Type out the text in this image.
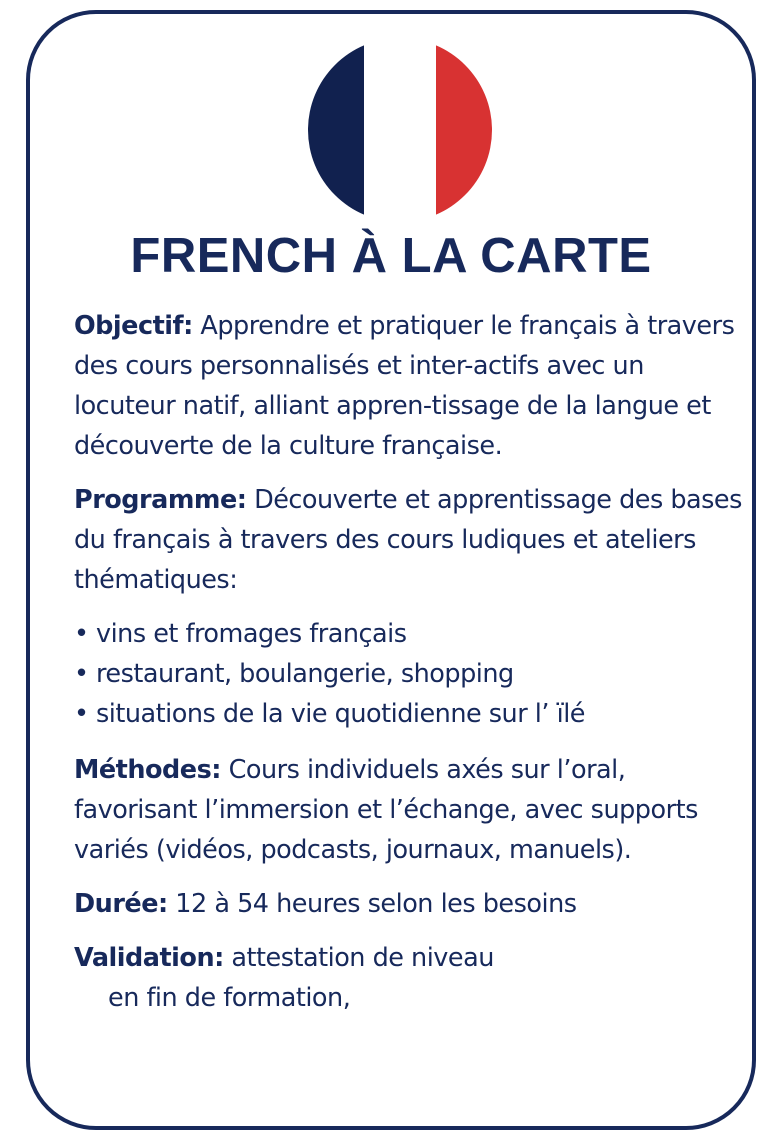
FRENCH À LA CARTE

Objectif: Apprendre et pratiquer le français à travers des cours personnalisés et inter-actifs avec un locuteur natif, alliant appren-tissage de la langue et découverte de la culture française.

Programme: Découverte et apprentissage des bases du français à travers des cours ludiques et ateliers thématiques:

• vins et fromages français
• restaurant, boulangerie, shopping
• situations de la vie quotidienne sur l’ ïlé

Méthodes: Cours individuels axés sur l’oral, favorisant l’immersion et l’échange, avec supports variés (vidéos, podcasts, journaux, manuels).

Durée: 12 à 54 heures selon les besoins

Validation: attestation de niveau
en fin de formation,
